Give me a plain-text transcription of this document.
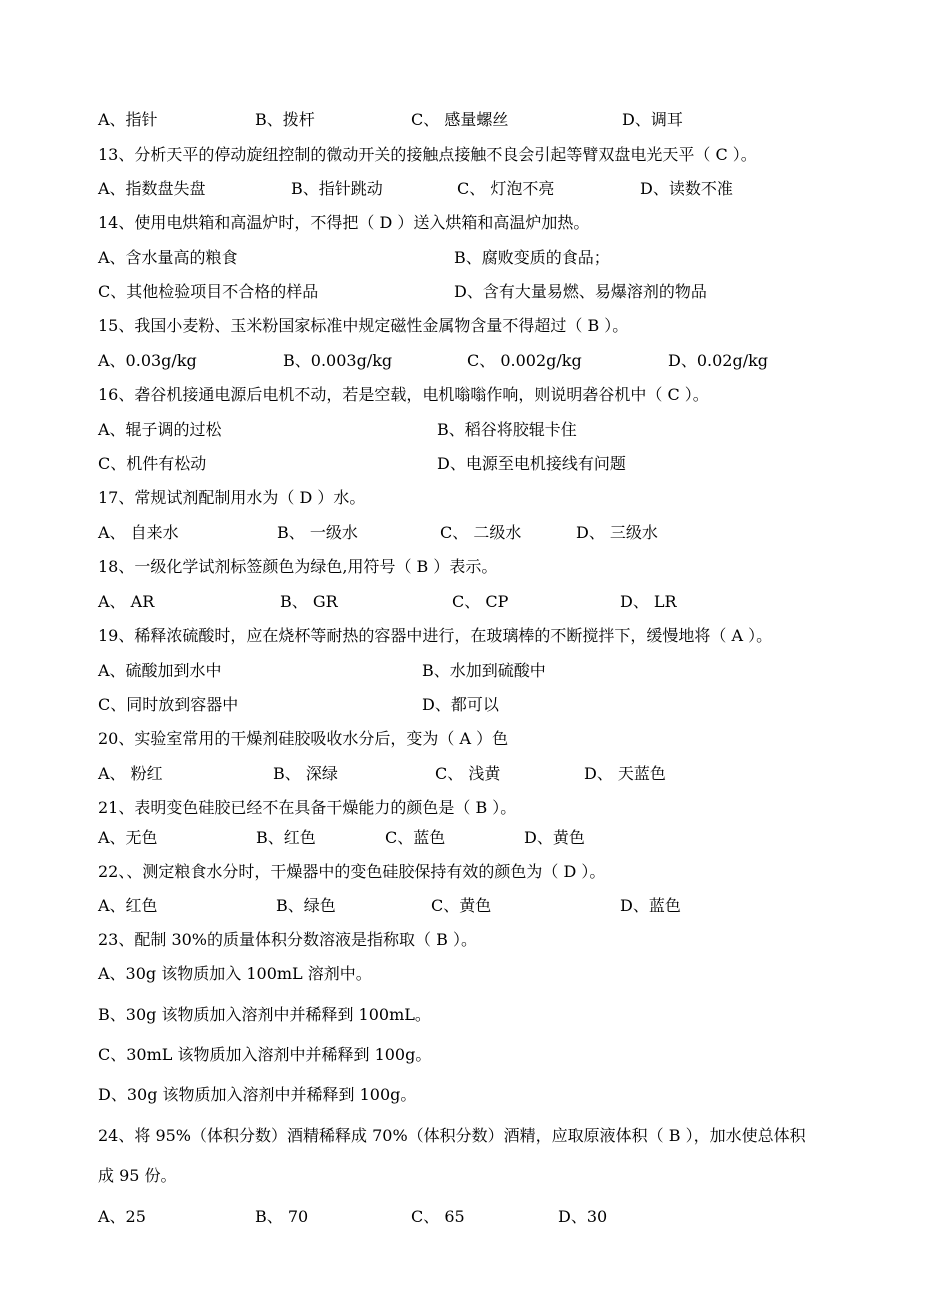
A、指针	B、拨杆	C、 感量螺丝	D、调耳
13、分析天平的停动旋纽控制的微动开关的接触点接触不良会引起等臂双盘电光天平（ C ）。
A、指数盘失盘	B、指针跳动	C、 灯泡不亮	D、读数不准
14、使用电烘箱和高温炉时，不得把（ D ）送入烘箱和高温炉加热。
A、含水量高的粮食	B、腐败变质的食品；
C、其他检验项目不合格的样品	D、含有大量易燃、易爆溶剂的物品
15、我国小麦粉、玉米粉国家标准中规定磁性金属物含量不得超过（ B ）。
A、0.03g/kg	B、0.003g/kg	C、 0.002g/kg	D、0.02g/kg
16、砻谷机接通电源后电机不动，若是空载，电机嗡嗡作响，则说明砻谷机中（ C ）。
A、辊子调的过松	B、稻谷将胶辊卡住
C、机件有松动	D、电源至电机接线有问题
17、常规试剂配制用水为（ D ）水。
A、 自来水	B、 一级水	C、 二级水	D、 三级水
18、一级化学试剂标签颜色为绿色,用符号（ B ）表示。
A、 AR	B、 GR	C、 CP	D、 LR
19、稀释浓硫酸时，应在烧杯等耐热的容器中进行，在玻璃棒的不断搅拌下，缓慢地将（ A ）。
A、硫酸加到水中	B、水加到硫酸中
C、同时放到容器中	D、都可以
20、实验室常用的干燥剂硅胶吸收水分后，变为（ A ）色
A、 粉红	B、 深绿	C、 浅黄	D、 天蓝色
21、表明变色硅胶已经不在具备干燥能力的颜色是（ B ）。
A、无色	B、红色	C、蓝色	D、黄色
22、、测定粮食水分时，干燥器中的变色硅胶保持有效的颜色为（ D ）。
A、红色	B、绿色	C、黄色	D、蓝色
23、配制 30%的质量体积分数溶液是指称取（ B ）。
A、30g 该物质加入 100mL 溶剂中。
B、30g 该物质加入溶剂中并稀释到 100mL。
C、30mL 该物质加入溶剂中并稀释到 100g。
D、30g 该物质加入溶剂中并稀释到 100g。
24、将 95%（体积分数）酒精稀释成 70%（体积分数）酒精，应取原液体积（ B ），加水使总体积
成 95 份。
A、25	B、 70	C、 65	D、30
